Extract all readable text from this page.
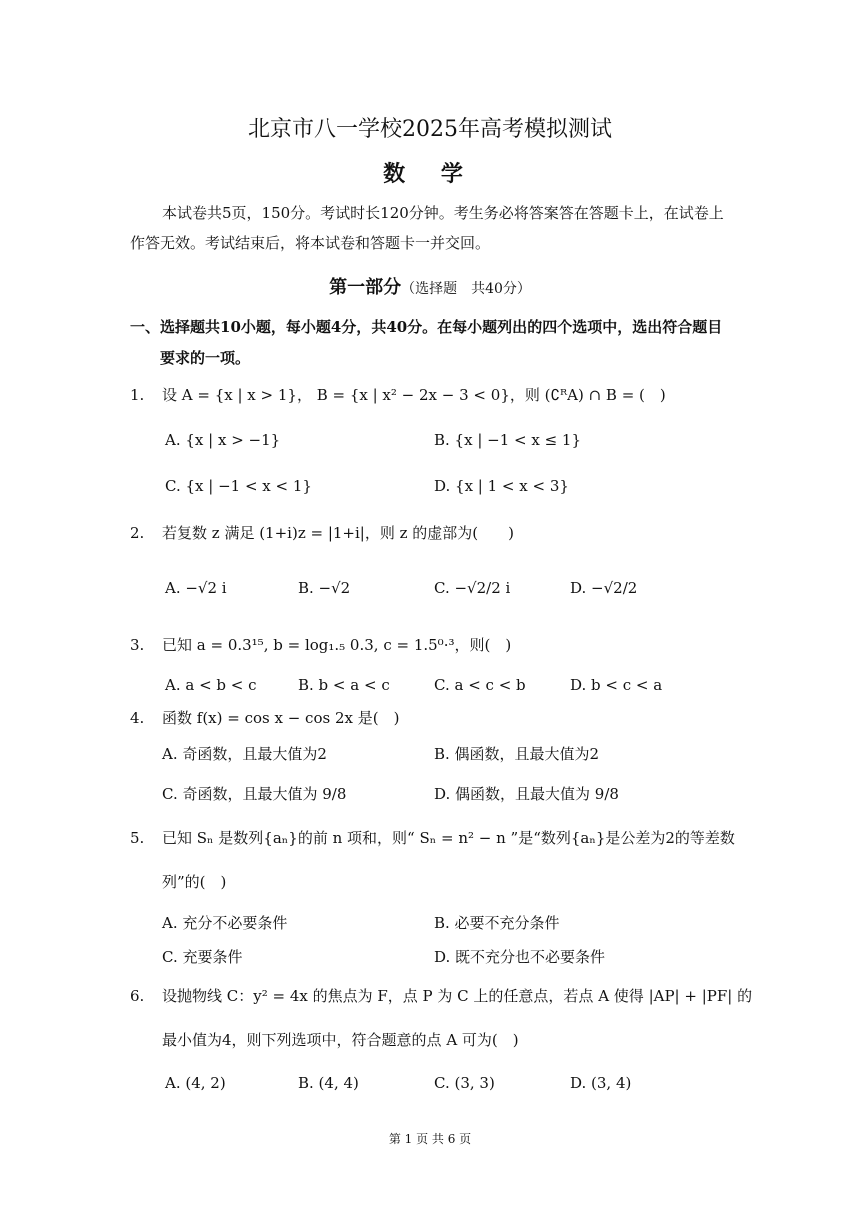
北京市八一学校2025年高考模拟测试
数 学
本试卷共5页，150分。考试时长120分钟。考生务必将答案答在答题卡上，在试卷上
作答无效。考试结束后，将本试卷和答题卡一并交回。
第一部分（选择题　共40分）
一、选择题共10小题，每小题4分，共40分。在每小题列出的四个选项中，选出符合题目
要求的一项。
1. 设 A = {x | x > 1}， B = {x | x² − 2x − 3 < 0}，则 (∁ᴿA) ∩ B = (　)
A. {x | x > −1}	B. {x | −1 < x ≤ 1}
C. {x | −1 < x < 1}	D. {x | 1 < x < 3}
2. 若复数 z 满足 (1+i)z = |1+i|，则 z 的虚部为(　　)
A. −√2 i	B. −√2	C. −√2/2 i	D. −√2/2
3. 已知 a = 0.3¹⁵, b = log₁.₅ 0.3, c = 1.5⁰·³，则(　)
A. a < b < c	B. b < a < c	C. a < c < b	D. b < c < a
4. 函数 f(x) = cos x − cos 2x 是(　)
A. 奇函数，且最大值为2	B. 偶函数，且最大值为2
C. 奇函数，且最大值为 9/8	D. 偶函数，且最大值为 9/8
5. 已知 Sₙ 是数列{aₙ}的前 n 项和，则“ Sₙ = n² − n ”是“数列{aₙ}是公差为2的等差数
列”的(　)
A. 充分不必要条件	B. 必要不充分条件
C. 充要条件	D. 既不充分也不必要条件
6. 设抛物线 C：y² = 4x 的焦点为 F，点 P 为 C 上的任意点，若点 A 使得 |AP| + |PF| 的
最小值为4，则下列选项中，符合题意的点 A 可为(　)
A. (4, 2)	B. (4, 4)	C. (3, 3)	D. (3, 4)
第 1 页 共 6 页
